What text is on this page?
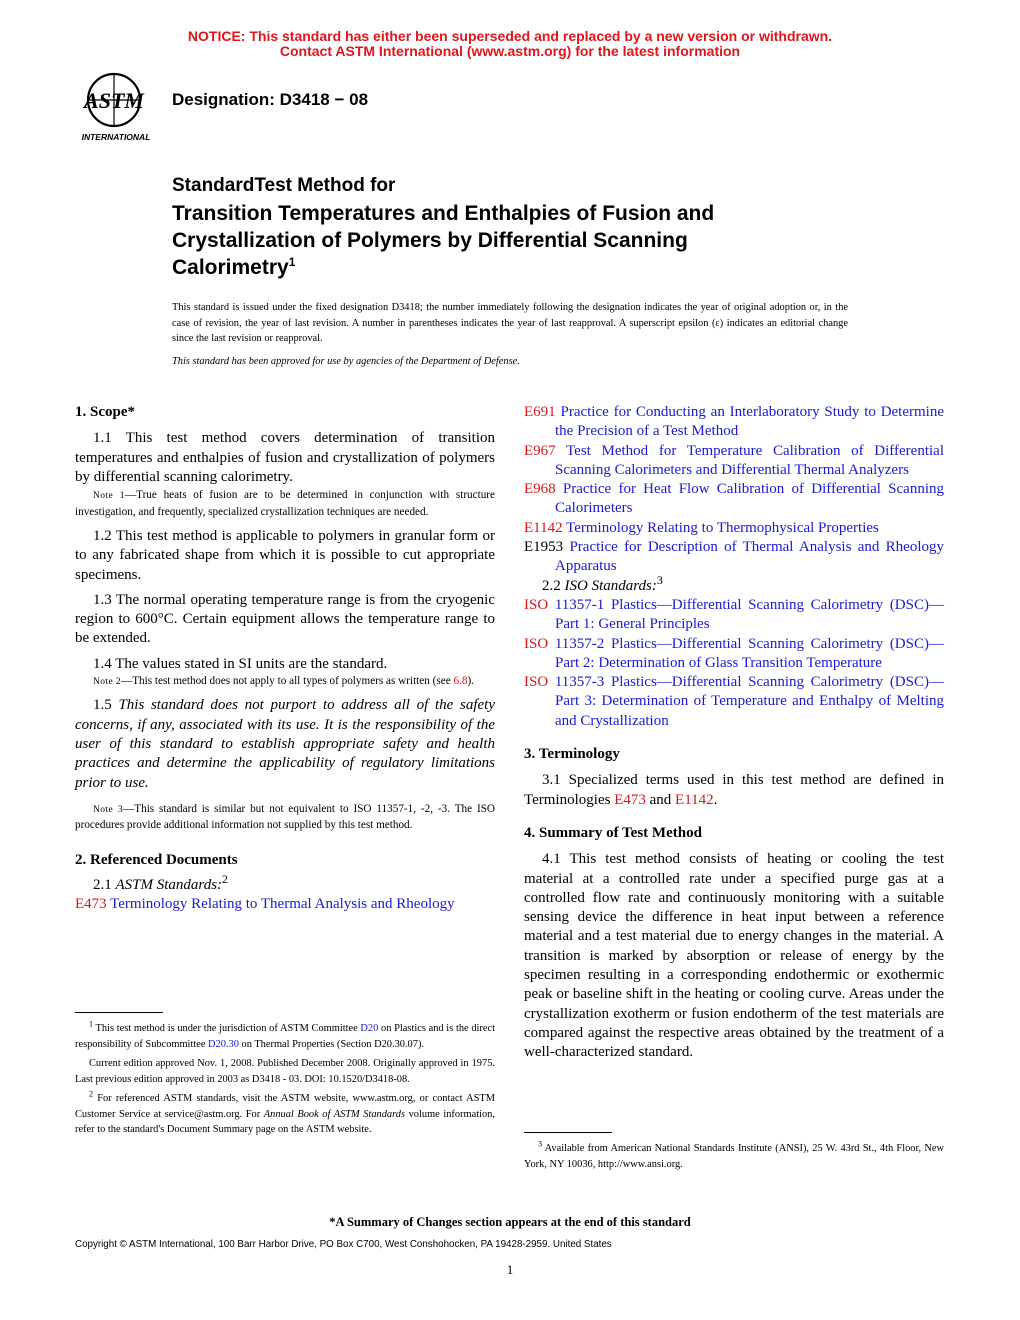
NOTICE: This standard has either been superseded and replaced by a new version or withdrawn.
Contact ASTM International (www.astm.org) for the latest information
ASTM
INTERNATIONAL
Designation: D3418 − 08
StandardTest Method for
Transition Temperatures and Enthalpies of Fusion and Crystallization of Polymers by Differential Scanning Calorimetry$^1$
This standard is issued under the fixed designation D3418; the number immediately following the designation indicates the year of original adoption or, in the case of revision, the year of last revision. A number in parentheses indicates the year of last reapproval. A superscript epsilon (ε) indicates an editorial change since the last revision or reapproval.
This standard has been approved for use by agencies of the Department of Defense.

1. Scope*

1.1 This test method covers determination of transition temperatures and enthalpies of fusion and crystallization of polymers by differential scanning calorimetry.

Note 1—True heats of fusion are to be determined in conjunction with structure investigation, and frequently, specialized crystallization techniques are needed.

1.2 This test method is applicable to polymers in granular form or to any fabricated shape from which it is possible to cut appropriate specimens.

1.3 The normal operating temperature range is from the cryogenic region to 600°C. Certain equipment allows the temperature range to be extended.

1.4 The values stated in SI units are the standard.

Note 2—This test method does not apply to all types of polymers as written (see 6.8).

1.5 This standard does not purport to address all of the safety concerns, if any, associated with its use. It is the responsibility of the user of this standard to establish appropriate safety and health practices and determine the applicability of regulatory limitations prior to use.

Note 3—This standard is similar but not equivalent to ISO 11357-1, -2, -3. The ISO procedures provide additional information not supplied by this test method.

2. Referenced Documents

2.1 ASTM Standards:$^2$

E473 Terminology Relating to Thermal Analysis and Rheology

$^1$ This test method is under the jurisdiction of ASTM Committee D20 on Plastics and is the direct responsibility of Subcommittee D20.30 on Thermal Properties (Section D20.30.07).

Current edition approved Nov. 1, 2008. Published December 2008. Originally approved in 1975. Last previous edition approved in 2003 as D3418 - 03. DOI: 10.1520/D3418-08.

$^2$ For referenced ASTM standards, visit the ASTM website, www.astm.org, or contact ASTM Customer Service at service@astm.org. For Annual Book of ASTM Standards volume information, refer to the standard's Document Summary page on the ASTM website.

E691 Practice for Conducting an Interlaboratory Study to Determine the Precision of a Test Method

E967 Test Method for Temperature Calibration of Differential Scanning Calorimeters and Differential Thermal Analyzers

E968 Practice for Heat Flow Calibration of Differential Scanning Calorimeters

E1142 Terminology Relating to Thermophysical Properties

E1953 Practice for Description of Thermal Analysis and Rheology Apparatus

2.2 ISO Standards:$^3$

ISO 11357-1 Plastics—Differential Scanning Calorimetry (DSC)—Part 1: General Principles

ISO 11357-2 Plastics—Differential Scanning Calorimetry (DSC)—Part 2: Determination of Glass Transition Temperature

ISO 11357-3 Plastics—Differential Scanning Calorimetry (DSC)—Part 3: Determination of Temperature and Enthalpy of Melting and Crystallization

3. Terminology

3.1 Specialized terms used in this test method are defined in Terminologies E473 and E1142.

4. Summary of Test Method

4.1 This test method consists of heating or cooling the test material at a controlled rate under a specified purge gas at a controlled flow rate and continuously monitoring with a suitable sensing device the difference in heat input between a reference material and a test material due to energy changes in the material. A transition is marked by absorption or release of energy by the specimen resulting in a corresponding endothermic or exothermic peak or baseline shift in the heating or cooling curve. Areas under the crystallization exotherm or fusion endotherm of the test materials are compared against the respective areas obtained by the treatment of a well-characterized standard.

$^3$ Available from American National Standards Institute (ANSI), 25 W. 43rd St., 4th Floor, New York, NY 10036, http://www.ansi.org.

*A Summary of Changes section appears at the end of this standard
Copyright © ASTM International, 100 Barr Harbor Drive, PO Box C700, West Conshohocken, PA 19428-2959. United States
1
